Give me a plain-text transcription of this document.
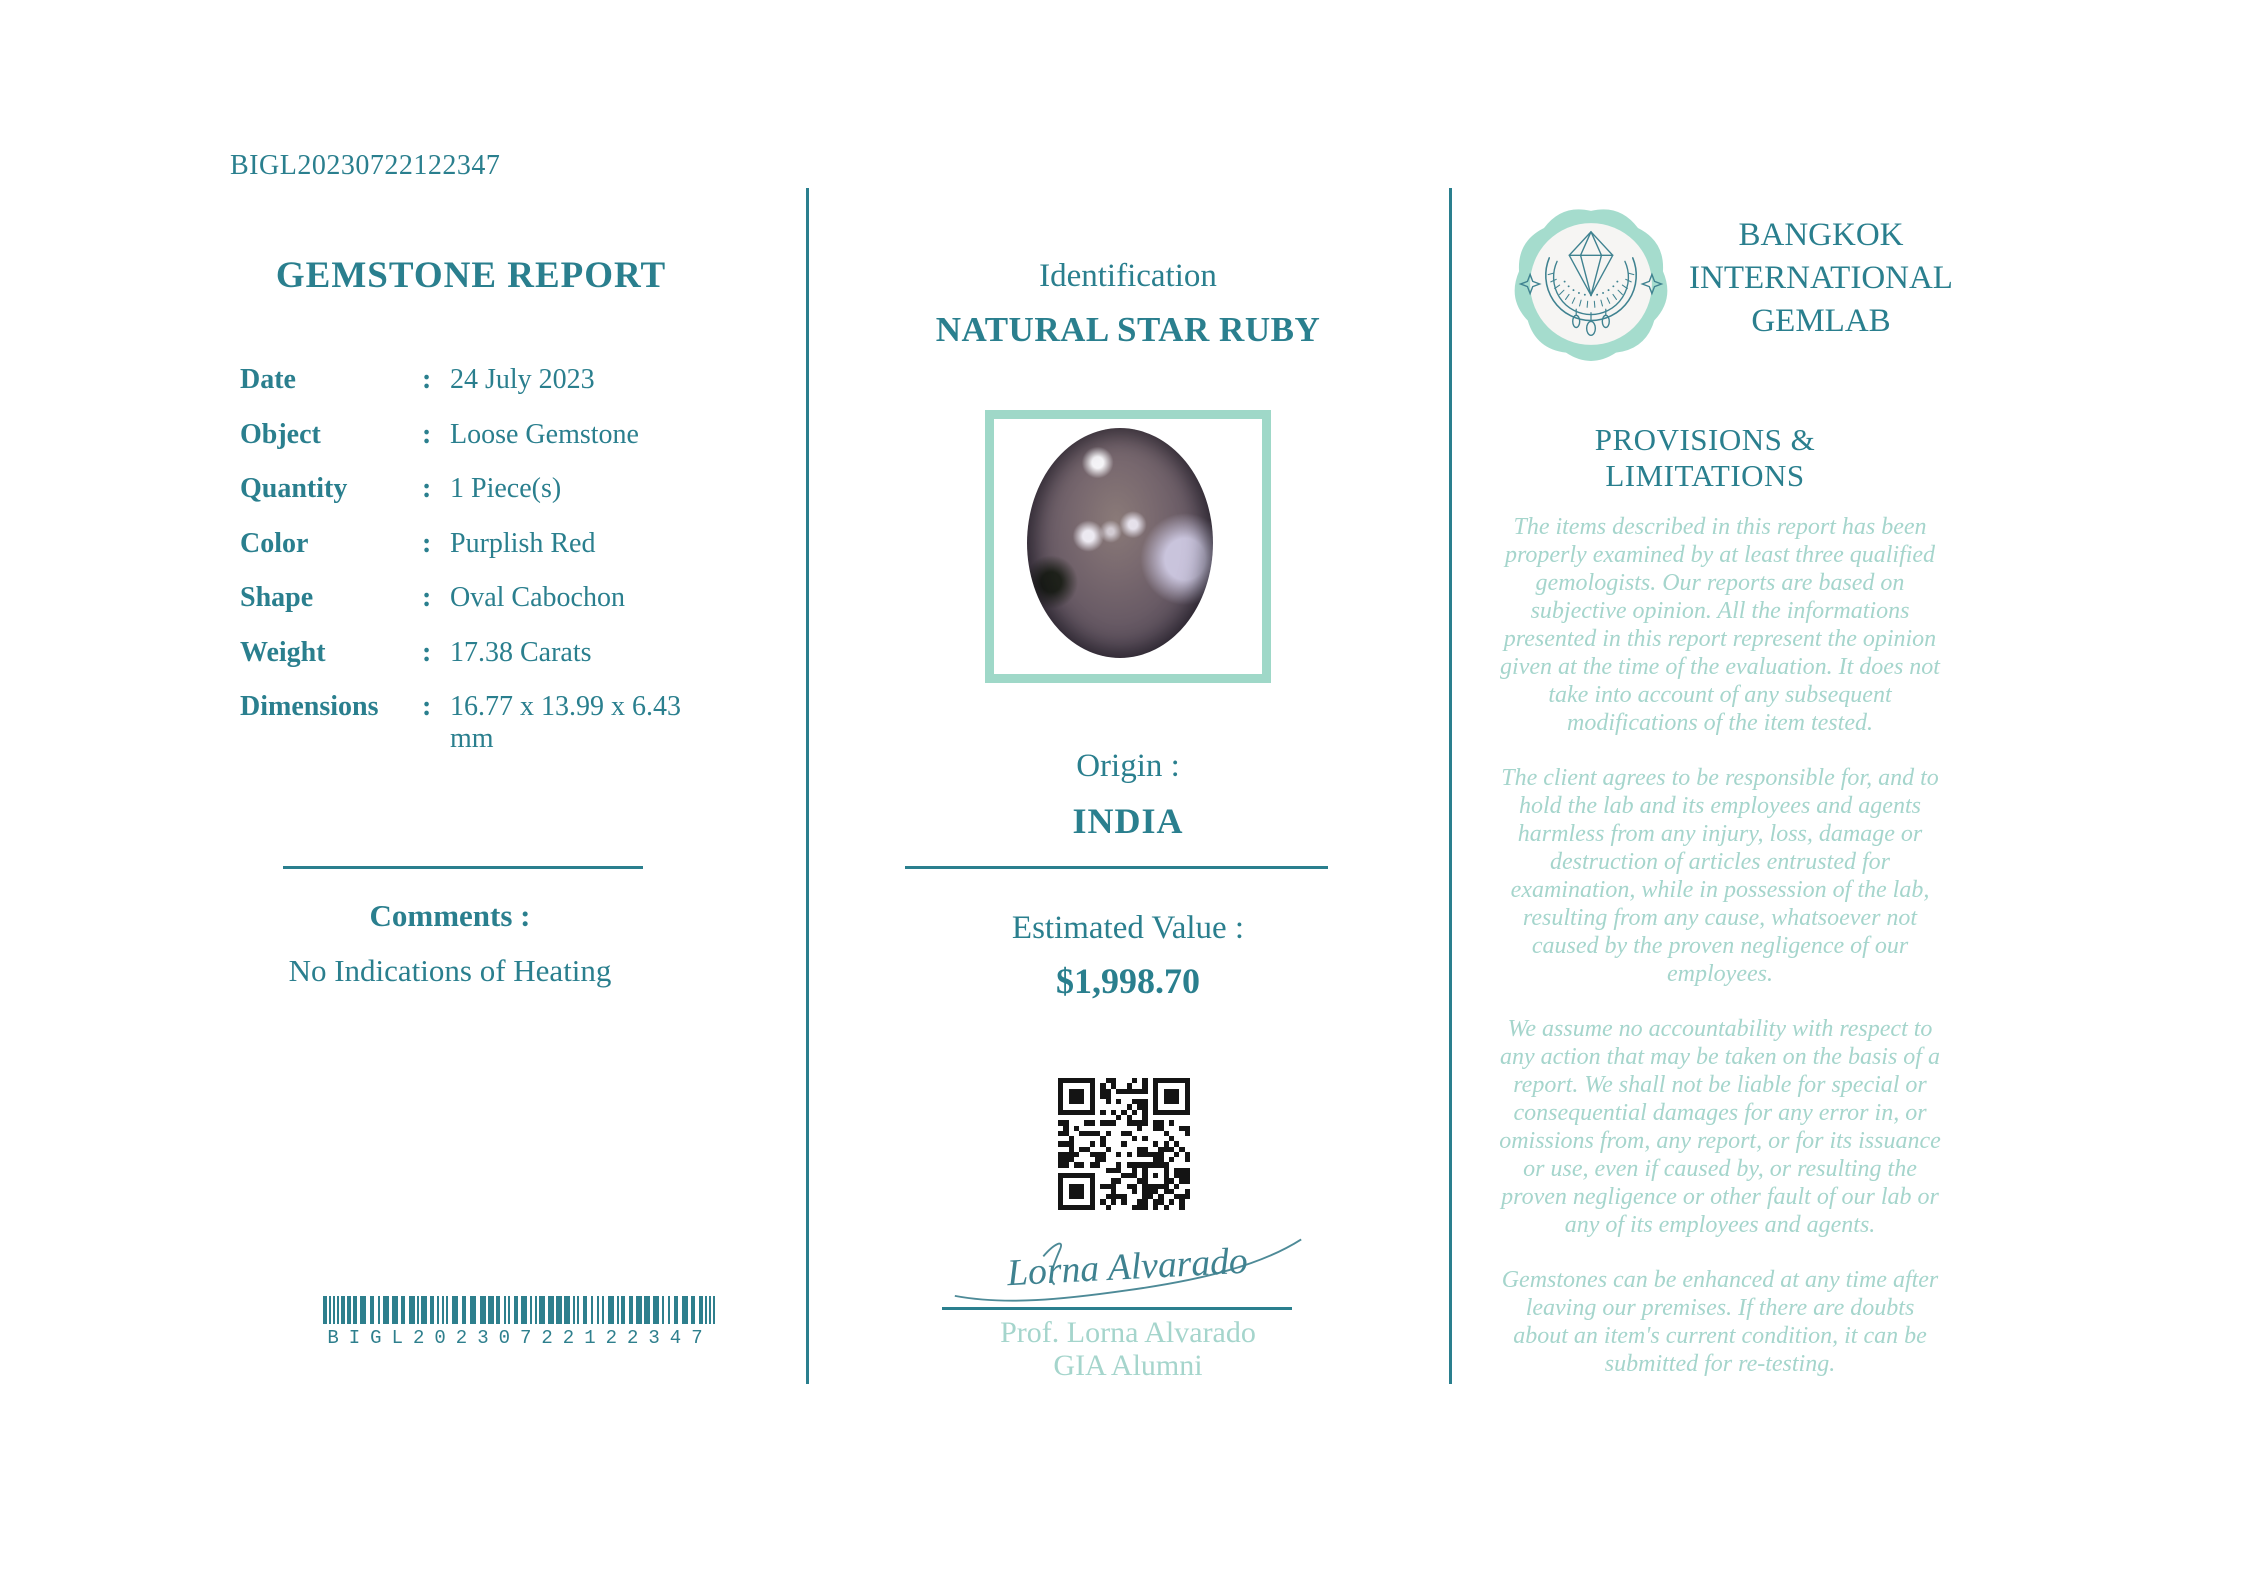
BIGL20230722122347
GEMSTONE REPORT
Date	: 24 July 2023
Object	: Loose Gemstone
Quantity	: 1 Piece(s)
Color	: Purplish Red
Shape	: Oval Cabochon
Weight	: 17.38 Carats
Dimensions	: 16.77 x 13.99 x 6.43 mm
Comments :
No Indications of Heating
BIGL20230722122347
Identification
NATURAL STAR RUBY
Origin :
INDIA
Estimated Value :
$1,998.70
Lorna Alvarado
Prof. Lorna Alvarado
GIA Alumni
BANGKOK
INTERNATIONAL
GEMLAB
PROVISIONS & LIMITATIONS

The items described in this report has been properly examined by at least three qualified gemologists. Our reports are based on subjective opinion. All the informations presented in this report represent the opinion given at the time of the evaluation. It does not take into account of any subsequent modifications of the item tested.

The client agrees to be responsible for, and to hold the lab and its employees and agents harmless from any injury, loss, damage or destruction of articles entrusted for examination, while in possession of the lab, resulting from any cause, whatsoever not caused by the proven negligence of our employees.

We assume no accountability with respect to any action that may be taken on the basis of a report. We shall not be liable for special or consequential damages for any error in, or omissions from, any report, or for its issuance or use, even if caused by, or resulting the proven negligence or other fault of our lab or any of its employees and agents.

Gemstones can be enhanced at any time after leaving our premises. If there are doubts about an item's current condition, it can be submitted for re-testing.
